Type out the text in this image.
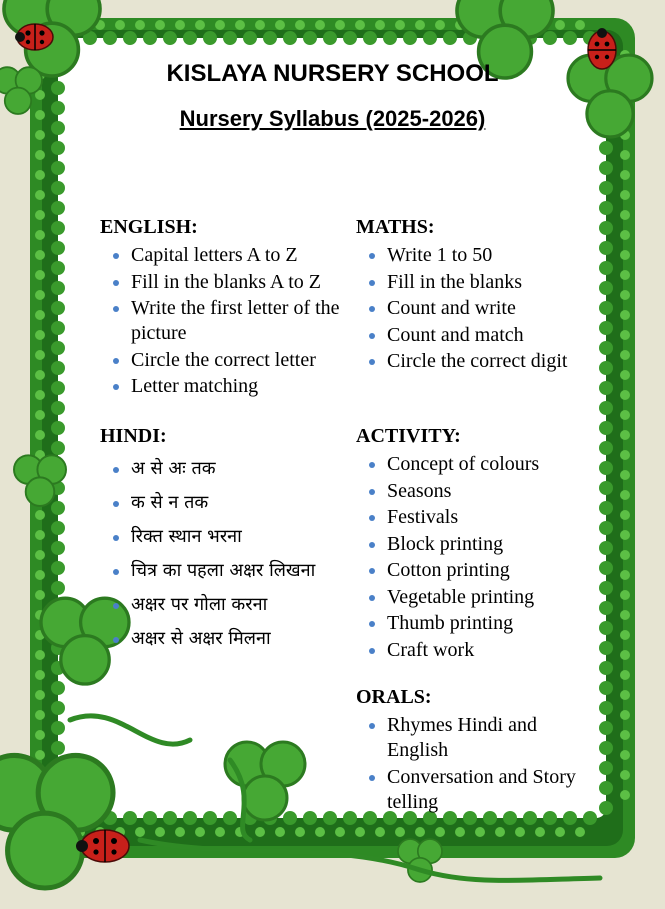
KISLAYA NURSERY SCHOOL
Nursery Syllabus (2025-2026)
ENGLISH:
Capital letters A to Z
Fill in the blanks A to Z
Write the first letter of the picture
Circle the correct letter
Letter matching
MATHS:
Write 1 to 50
Fill in the blanks
Count and write
Count and match
Circle the correct digit
HINDI:
अ से अः तक
क से न तक
रिक्त स्थान भरना
चित्र का पहला अक्षर लिखना
अक्षर पर गोला करना
अक्षर से अक्षर मिलना
ACTIVITY:
Concept of colours
Seasons
Festivals
Block printing
Cotton printing
Vegetable printing
Thumb printing
Craft work
ORALS:
Rhymes Hindi and English
Conversation and Story telling
